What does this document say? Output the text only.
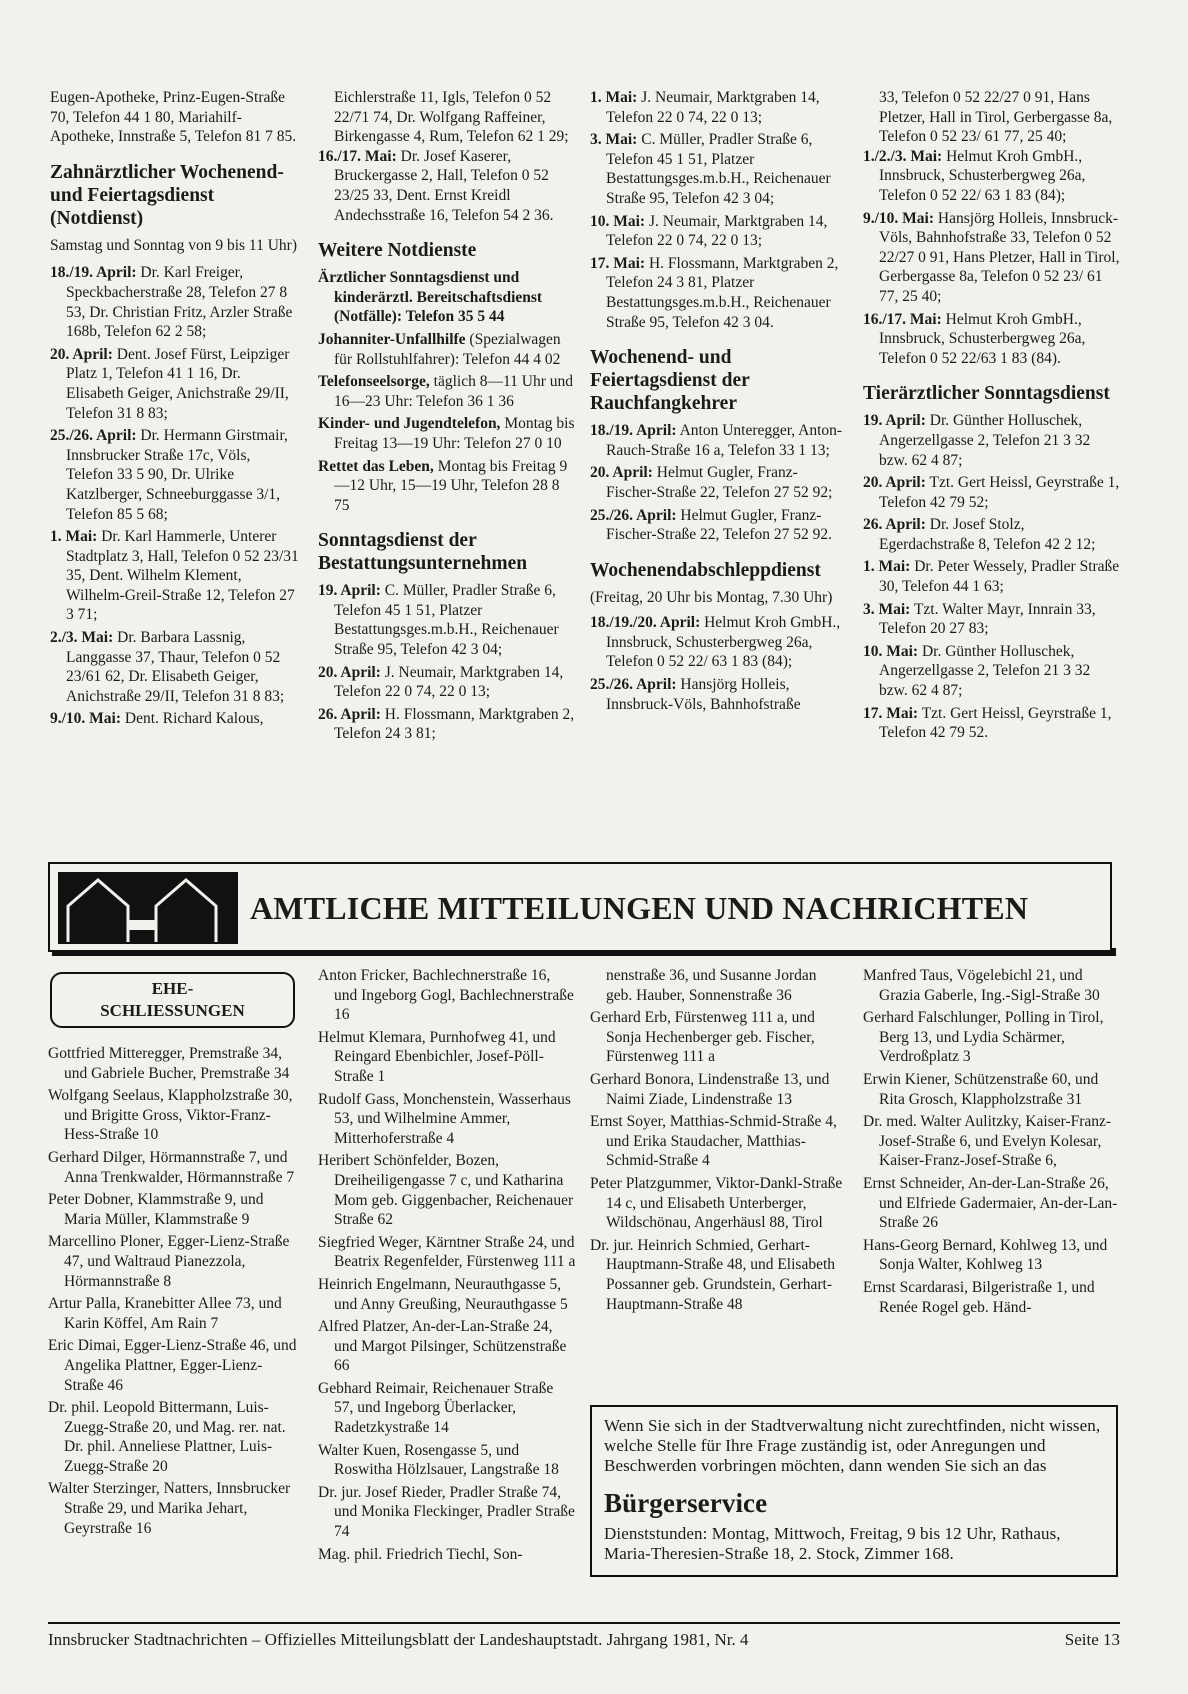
Eugen-Apotheke, Prinz-Eugen-Straße 70, Telefon 44 1 80, Mariahilf-Apotheke, Innstraße 5, Telefon 81 7 85.

Zahnärztlicher Wochenend- und Feiertagsdienst (Notdienst)

Samstag und Sonntag von 9 bis 11 Uhr)

18./19. April: Dr. Karl Freiger, Speckbacherstraße 28, Telefon 27 8 53, Dr. Christian Fritz, Arzler Straße 168b, Telefon 62 2 58;

20. April: Dent. Josef Fürst, Leipziger Platz 1, Telefon 41 1 16, Dr. Elisabeth Geiger, Anichstraße 29/II, Telefon 31 8 83;

25./26. April: Dr. Hermann Girstmair, Innsbrucker Straße 17c, Völs, Telefon 33 5 90, Dr. Ulrike Katzlberger, Schneeburggasse 3/1, Telefon 85 5 68;

1. Mai: Dr. Karl Hammerle, Unterer Stadtplatz 3, Hall, Telefon 0 52 23/31 35, Dent. Wilhelm Klement, Wilhelm-Greil-Straße 12, Telefon 27 3 71;

2./3. Mai: Dr. Barbara Lassnig, Langgasse 37, Thaur, Telefon 0 52 23/61 62, Dr. Elisabeth Geiger, Anichstraße 29/II, Telefon 31 8 83;

9./10. Mai: Dent. Richard Kalous,

Eichlerstraße 11, Igls, Telefon 0 52 22/71 74, Dr. Wolfgang Raffeiner, Birkengasse 4, Rum, Telefon 62 1 29;

16./17. Mai: Dr. Josef Kaserer, Bruckergasse 2, Hall, Telefon 0 52 23/25 33, Dent. Ernst Kreidl Andechsstraße 16, Telefon 54 2 36.

Weitere Notdienste

Ärztlicher Sonntagsdienst und kinderärztl. Bereitschaftsdienst (Notfälle): Telefon 35 5 44

Johanniter-Unfallhilfe (Spezialwagen für Rollstuhlfahrer): Telefon 44 4 02

Telefonseelsorge, täglich 8—11 Uhr und 16—23 Uhr: Telefon 36 1 36

Kinder- und Jugendtelefon, Montag bis Freitag 13—19 Uhr: Telefon 27 0 10

Rettet das Leben, Montag bis Freitag 9—12 Uhr, 15—19 Uhr, Telefon 28 8 75

Sonntagsdienst der Bestattungsunternehmen

19. April: C. Müller, Pradler Straße 6, Telefon 45 1 51, Platzer Bestattungsges.m.b.H., Reichenauer Straße 95, Telefon 42 3 04;

20. April: J. Neumair, Marktgraben 14, Telefon 22 0 74, 22 0 13;

26. April: H. Flossmann, Marktgraben 2, Telefon 24 3 81;

1. Mai: J. Neumair, Marktgraben 14, Telefon 22 0 74, 22 0 13;

3. Mai: C. Müller, Pradler Straße 6, Telefon 45 1 51, Platzer Bestattungsges.m.b.H., Reichenauer Straße 95, Telefon 42 3 04;

10. Mai: J. Neumair, Marktgraben 14, Telefon 22 0 74, 22 0 13;

17. Mai: H. Flossmann, Marktgraben 2, Telefon 24 3 81, Platzer Bestattungsges.m.b.H., Reichenauer Straße 95, Telefon 42 3 04.

Wochenend- und Feiertagsdienst der Rauchfangkehrer

18./19. April: Anton Unteregger, Anton-Rauch-Straße 16 a, Telefon 33 1 13;

20. April: Helmut Gugler, Franz-Fischer-Straße 22, Telefon 27 52 92;

25./26. April: Helmut Gugler, Franz-Fischer-Straße 22, Telefon 27 52 92.

Wochenendabschleppdienst

(Freitag, 20 Uhr bis Montag, 7.30 Uhr)

18./19./20. April: Helmut Kroh GmbH., Innsbruck, Schusterbergweg 26a, Telefon 0 52 22/ 63 1 83 (84);

25./26. April: Hansjörg Holleis, Innsbruck-Völs, Bahnhofstraße

33, Telefon 0 52 22/27 0 91, Hans Pletzer, Hall in Tirol, Gerbergasse 8a, Telefon 0 52 23/ 61 77, 25 40;

1./2./3. Mai: Helmut Kroh GmbH., Innsbruck, Schusterbergweg 26a, Telefon 0 52 22/ 63 1 83 (84);

9./10. Mai: Hansjörg Holleis, Innsbruck-Völs, Bahnhofstraße 33, Telefon 0 52 22/27 0 91, Hans Pletzer, Hall in Tirol, Gerbergasse 8a, Telefon 0 52 23/ 61 77, 25 40;

16./17. Mai: Helmut Kroh GmbH., Innsbruck, Schusterbergweg 26a, Telefon 0 52 22/63 1 83 (84).

Tierärztlicher Sonntagsdienst

19. April: Dr. Günther Holluschek, Angerzellgasse 2, Telefon 21 3 32 bzw. 62 4 87;

20. April: Tzt. Gert Heissl, Geyrstraße 1, Telefon 42 79 52;

26. April: Dr. Josef Stolz, Egerdachstraße 8, Telefon 42 2 12;

1. Mai: Dr. Peter Wessely, Pradler Straße 30, Telefon 44 1 63;

3. Mai: Tzt. Walter Mayr, Innrain 33, Telefon 20 27 83;

10. Mai: Dr. Günther Holluschek, Angerzellgasse 2, Telefon 21 3 32 bzw. 62 4 87;

17. Mai: Tzt. Gert Heissl, Geyrstraße 1, Telefon 42 79 52.

AMTLICHE MITTEILUNGEN UND NACHRICHTEN
EHE-
SCHLIESSUNGEN

Gottfried Mitteregger, Premstraße 34, und Gabriele Bucher, Premstraße 34

Wolfgang Seelaus, Klappholzstraße 30, und Brigitte Gross, Viktor-Franz-Hess-Straße 10

Gerhard Dilger, Hörmannstraße 7, und Anna Trenkwalder, Hörmannstraße 7

Peter Dobner, Klammstraße 9, und Maria Müller, Klammstraße 9

Marcellino Ploner, Egger-Lienz-Straße 47, und Waltraud Pianezzola, Hörmannstraße 8

Artur Palla, Kranebitter Allee 73, und Karin Köffel, Am Rain 7

Eric Dimai, Egger-Lienz-Straße 46, und Angelika Plattner, Egger-Lienz-Straße 46

Dr. phil. Leopold Bittermann, Luis-Zuegg-Straße 20, und Mag. rer. nat. Dr. phil. Anneliese Plattner, Luis-Zuegg-Straße 20

Walter Sterzinger, Natters, Innsbrucker Straße 29, und Marika Jehart, Geyrstraße 16

Anton Fricker, Bachlechnerstraße 16, und Ingeborg Gogl, Bachlechnerstraße 16

Helmut Klemara, Purnhofweg 41, und Reingard Ebenbichler, Josef-Pöll-Straße 1

Rudolf Gass, Monchenstein, Wasserhaus 53, und Wilhelmine Ammer, Mitterhoferstraße 4

Heribert Schönfelder, Bozen, Dreiheiligengasse 7 c, und Katharina Mom geb. Giggenbacher, Reichenauer Straße 62

Siegfried Weger, Kärntner Straße 24, und Beatrix Regenfelder, Fürstenweg 111 a

Heinrich Engelmann, Neurauthgasse 5, und Anny Greußing, Neurauthgasse 5

Alfred Platzer, An-der-Lan-Straße 24, und Margot Pilsinger, Schützenstraße 66

Gebhard Reimair, Reichenauer Straße 57, und Ingeborg Überlacker, Radetzkystraße 14

Walter Kuen, Rosengasse 5, und Roswitha Hölzlsauer, Langstraße 18

Dr. jur. Josef Rieder, Pradler Straße 74, und Monika Fleckinger, Pradler Straße 74

Mag. phil. Friedrich Tiechl, Son-

nenstraße 36, und Susanne Jordan geb. Hauber, Sonnenstraße 36

Gerhard Erb, Fürstenweg 111 a, und Sonja Hechenberger geb. Fischer, Fürstenweg 111 a

Gerhard Bonora, Lindenstraße 13, und Naimi Ziade, Lindenstraße 13

Ernst Soyer, Matthias-Schmid-Straße 4, und Erika Staudacher, Matthias-Schmid-Straße 4

Peter Platzgummer, Viktor-Dankl-Straße 14 c, und Elisabeth Unterberger, Wildschönau, Angerhäusl 88, Tirol

Dr. jur. Heinrich Schmied, Gerhart-Hauptmann-Straße 48, und Elisabeth Possanner geb. Grundstein, Gerhart-Hauptmann-Straße 48

Manfred Taus, Vögelebichl 21, und Grazia Gaberle, Ing.-Sigl-Straße 30

Gerhard Falschlunger, Polling in Tirol, Berg 13, und Lydia Schärmer, Verdroßplatz 3

Erwin Kiener, Schützenstraße 60, und Rita Grosch, Klappholzstraße 31

Dr. med. Walter Aulitzky, Kaiser-Franz-Josef-Straße 6, und Evelyn Kolesar, Kaiser-Franz-Josef-Straße 6,

Ernst Schneider, An-der-Lan-Straße 26, und Elfriede Gadermaier, An-der-Lan-Straße 26

Hans-Georg Bernard, Kohlweg 13, und Sonja Walter, Kohlweg 13

Ernst Scardarasi, Bilgeristraße 1, und Renée Rogel geb. Händ-

Wenn Sie sich in der Stadtverwaltung nicht zurechtfinden, nicht wissen, welche Stelle für Ihre Frage zuständig ist, oder Anregungen und Beschwerden vorbringen möchten, dann wenden Sie sich an das
Bürgerservice
Dienststunden: Montag, Mittwoch, Freitag, 9 bis 12 Uhr, Rathaus, Maria-Theresien-Straße 18, 2. Stock, Zimmer 168.
Innsbrucker Stadtnachrichten – Offizielles Mitteilungsblatt der Landeshauptstadt. Jahrgang 1981, Nr. 4	Seite 13
